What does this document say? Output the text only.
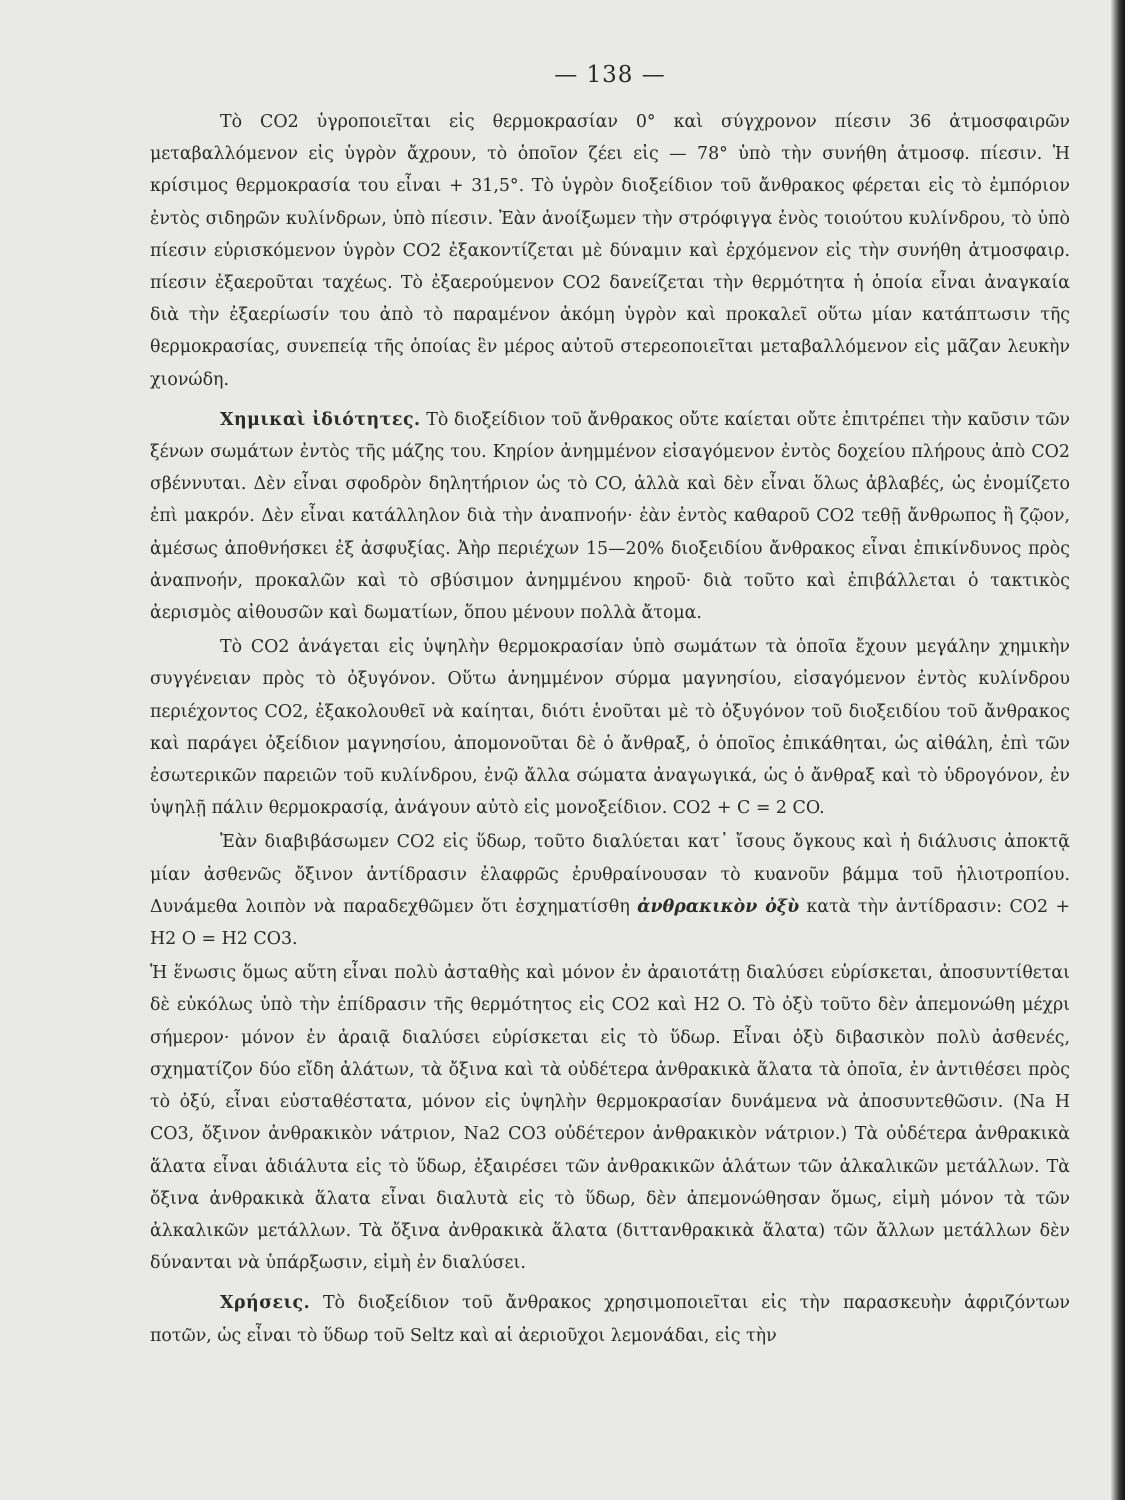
— 138 —

Τὸ CO2 ὑγροποιεῖται εἰς θερμοκρασίαν 0° καὶ σύγχρονον πίεσιν 36 ἀτμοσφαιρῶν μεταβαλλόμενον εἰς ὑγρὸν ἄχρουν, τὸ ὁποῖον ζέει εἰς — 78° ὑπὸ τὴν συνήθη ἀτμοσφ. πίεσιν. Ἡ κρίσιμος θερμοκρασία του εἶναι + 31,5°. Τὸ ὑγρὸν διοξείδιον τοῦ ἄνθρακος φέρεται εἰς τὸ ἐμπόριον ἐντὸς σιδηρῶν κυλίνδρων, ὑπὸ πίεσιν. Ἐὰν ἀνοίξωμεν τὴν στρόφιγγα ἑνὸς τοιούτου κυλίνδρου, τὸ ὑπὸ πίεσιν εὑρισκόμενον ὑγρὸν CO2 ἐξακοντίζεται μὲ δύναμιν καὶ ἐρχόμενον εἰς τὴν συνήθη ἀτμοσφαιρ. πίεσιν ἐξαεροῦται ταχέως. Τὸ ἐξαερούμενον CO2 δανείζεται τὴν θερμότητα ἡ ὁποία εἶναι ἀναγκαία διὰ τὴν ἐξαερίωσίν του ἀπὸ τὸ παραμένον ἀκόμη ὑγρὸν καὶ προκαλεῖ οὕτω μίαν κατάπτωσιν τῆς θερμοκρασίας, συνεπείᾳ τῆς ὁποίας ἓν μέρος αὐτοῦ στερεοποιεῖται μεταβαλλόμενον εἰς μᾶζαν λευκὴν χιονώδη.

Χημικαὶ ἰδιότητες. Τὸ διοξείδιον τοῦ ἄνθρακος οὔτε καίεται οὔτε ἐπιτρέπει τὴν καῦσιν τῶν ξένων σωμάτων ἐντὸς τῆς μάζης του. Κηρίον ἀνημμένον εἰσαγόμενον ἐντὸς δοχείου πλήρους ἀπὸ CO2 σβέννυται. Δὲν εἶναι σφοδρὸν δηλητήριον ὡς τὸ CO, ἀλλὰ καὶ δὲν εἶναι ὅλως ἀβλαβές, ὡς ἐνομίζετο ἐπὶ μακρόν. Δὲν εἶναι κατάλληλον διὰ τὴν ἀναπνοήν· ἐὰν ἐντὸς καθαροῦ CO2 τεθῇ ἄνθρωπος ἢ ζῷον, ἀμέσως ἀποθνήσκει ἐξ ἀσφυξίας. Ἀὴρ περιέχων 15—20% διοξειδίου ἄνθρακος εἶναι ἐπικίνδυνος πρὸς ἀναπνοήν, προκαλῶν καὶ τὸ σβύσιμον ἀνημμένου κηροῦ· διὰ τοῦτο καὶ ἐπιβάλλεται ὁ τακτικὸς ἀερισμὸς αἰθουσῶν καὶ δωματίων, ὅπου μένουν πολλὰ ἄτομα.

Τὸ CO2 ἀνάγεται εἰς ὑψηλὴν θερμοκρασίαν ὑπὸ σωμάτων τὰ ὁποῖα ἔχουν μεγάλην χημικὴν συγγένειαν πρὸς τὸ ὀξυγόνον. Οὕτω ἀνημμένον σύρμα μαγνησίου, εἰσαγόμενον ἐντὸς κυλίνδρου περιέχοντος CO2, ἐξακολουθεῖ νὰ καίηται, διότι ἑνοῦται μὲ τὸ ὀξυγόνον τοῦ διοξειδίου τοῦ ἄνθρακος καὶ παράγει ὀξείδιον μαγνησίου, ἀπομονοῦται δὲ ὁ ἄνθραξ, ὁ ὁποῖος ἐπικάθηται, ὡς αἰθάλη, ἐπὶ τῶν ἐσωτερικῶν παρειῶν τοῦ κυλίνδρου, ἐνῷ ἄλλα σώματα ἀναγωγικά, ὡς ὁ ἄνθραξ καὶ τὸ ὑδρογόνον, ἐν ὑψηλῇ πάλιν θερμοκρασίᾳ, ἀνάγουν αὐτὸ εἰς μονοξείδιον. CO2 + C = 2 CO.

Ἐὰν διαβιβάσωμεν CO2 εἰς ὕδωρ, τοῦτο διαλύεται κατ᾿ ἴσους ὄγκους καὶ ἡ διάλυσις ἀποκτᾷ μίαν ἀσθενῶς ὄξινον ἀντίδρασιν ἐλαφρῶς ἐρυθραίνουσαν τὸ κυανοῦν βάμμα τοῦ ἡλιοτροπίου. Δυνάμεθα λοιπὸν νὰ παραδεχθῶμεν ὅτι ἐσχηματίσθη ἀνθρακικὸν ὀξὺ κατὰ τὴν ἀντίδρασιν: CO2 + H2 O = H2 CO3.

Ἡ ἕνωσις ὅμως αὕτη εἶναι πολὺ ἀσταθὴς καὶ μόνον ἐν ἀραιοτάτῃ διαλύσει εὑρίσκεται, ἀποσυντίθεται δὲ εὐκόλως ὑπὸ τὴν ἐπίδρασιν τῆς θερμότητος εἰς CO2 καὶ H2 O. Τὸ ὀξὺ τοῦτο δὲν ἀπεμονώθη μέχρι σήμερον· μόνον ἐν ἀραιᾷ διαλύσει εὑρίσκεται εἰς τὸ ὕδωρ. Εἶναι ὀξὺ διβασικὸν πολὺ ἀσθενές, σχηματίζον δύο εἴδη ἀλάτων, τὰ ὄξινα καὶ τὰ οὐδέτερα ἀνθρακικὰ ἅλατα τὰ ὁποῖα, ἐν ἀντιθέσει πρὸς τὸ ὀξύ, εἶναι εὐσταθέστατα, μόνον εἰς ὑψηλὴν θερμοκρασίαν δυνάμενα νὰ ἀποσυντεθῶσιν. (Na H CO3, ὄξινον ἀνθρακικὸν νάτριον, Na2 CO3 οὐδέτερον ἀνθρακικὸν νάτριον.) Τὰ οὐδέτερα ἀνθρακικὰ ἅλατα εἶναι ἀδιάλυτα εἰς τὸ ὕδωρ, ἐξαιρέσει τῶν ἀνθρακικῶν ἁλάτων τῶν ἀλκαλικῶν μετάλλων. Τὰ ὄξινα ἀνθρακικὰ ἅλατα εἶναι διαλυτὰ εἰς τὸ ὕδωρ, δὲν ἀπεμονώθησαν ὅμως, εἰμὴ μόνον τὰ τῶν ἀλκαλικῶν μετάλλων. Τὰ ὄξινα ἀνθρακικὰ ἅλατα (διττανθρακικὰ ἅλατα) τῶν ἄλλων μετάλλων δὲν δύνανται νὰ ὑπάρξωσιν, εἰμὴ ἐν διαλύσει.

Χρήσεις. Τὸ διοξείδιον τοῦ ἄνθρακος χρησιμοποιεῖται εἰς τὴν παρασκευὴν ἀφριζόντων ποτῶν, ὡς εἶναι τὸ ὕδωρ τοῦ Seltz καὶ αἱ ἀεριοῦχοι λεμονάδαι, εἰς τὴν
